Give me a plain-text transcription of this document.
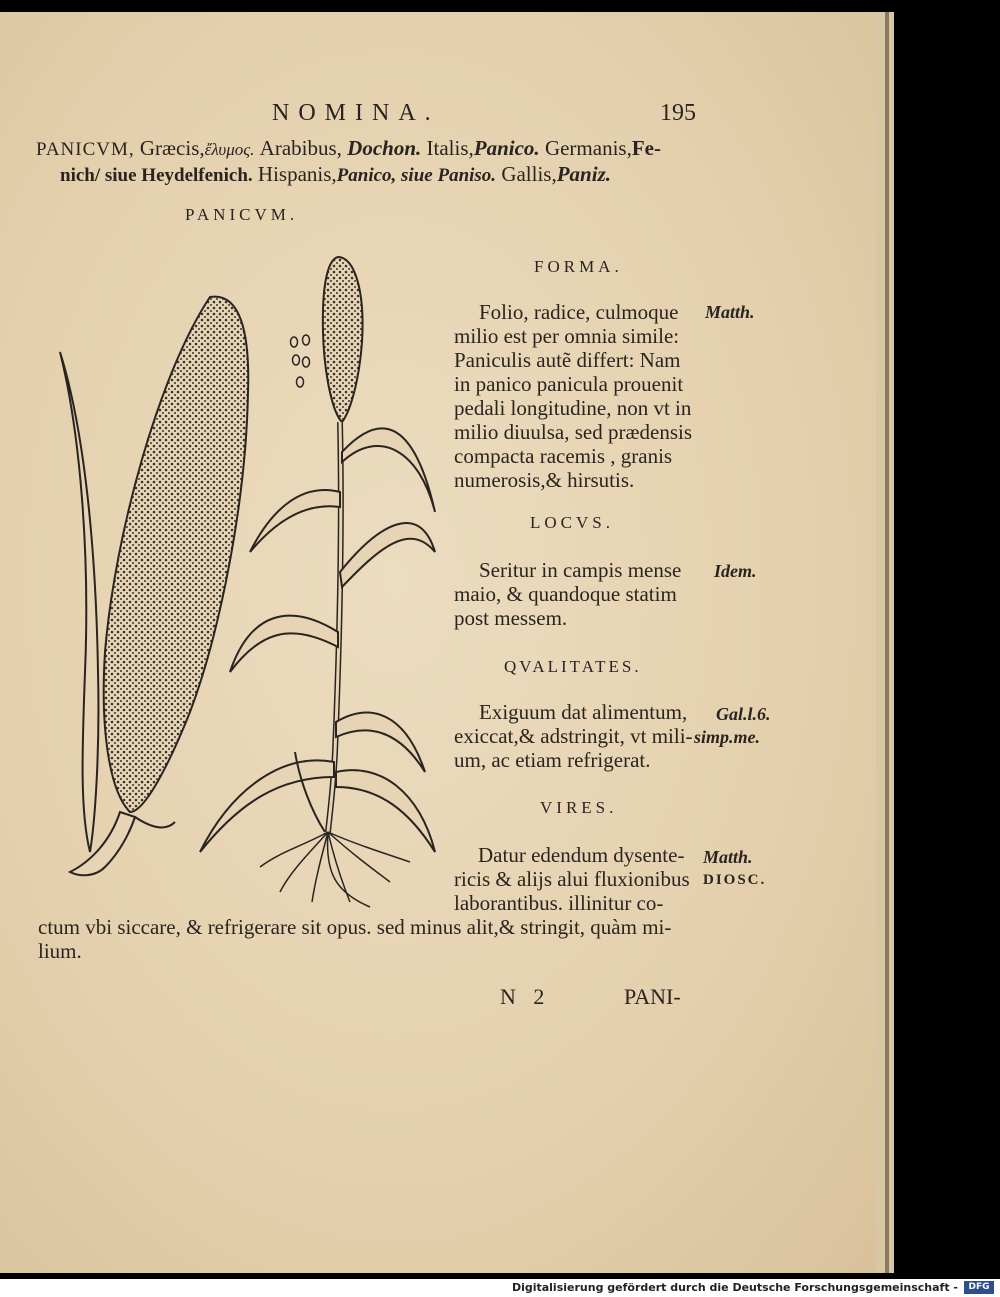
NOMINA.	195
PANICVM, Græcis,ἔλυμος. Arabibus, Dochon. Italis,Panico. Germanis,Fe-
nich/ siue Heydelfenich. Hispanis,Panico, siue Paniso. Gallis,Paniz.
PANICVM.
FORMA.
Folio, radice, culmoque
milio est per omnia simile:
Paniculis autẽ differt: Nam
in panico panicula prouenit
pedali longitudine, non vt in
milio diuulsa, sed prædensis
compacta racemis , granis
numerosis,& hirsutis.
Matth.
LOCVS.
Seritur in campis mense
maio, & quandoque statim
post messem.
Idem.
QVALITATES.
Exiguum dat alimentum,
exiccat,& adstringit, vt mili-
um, ac etiam refrigerat.
Gal.l.6.
simp.me.
VIRES.
Datur edendum dysente-
ricis & alijs alui fluxionibus
laborantibus. illinitur co-
ctum vbi siccare, & refrigerare sit opus. sed minus alit,& stringit, quàm mi-
lium.
Matth.
DIOSC.
N 2	PANI-
Digitalisierung gefördert durch die Deutsche Forschungsgemeinschaft -	DFG
